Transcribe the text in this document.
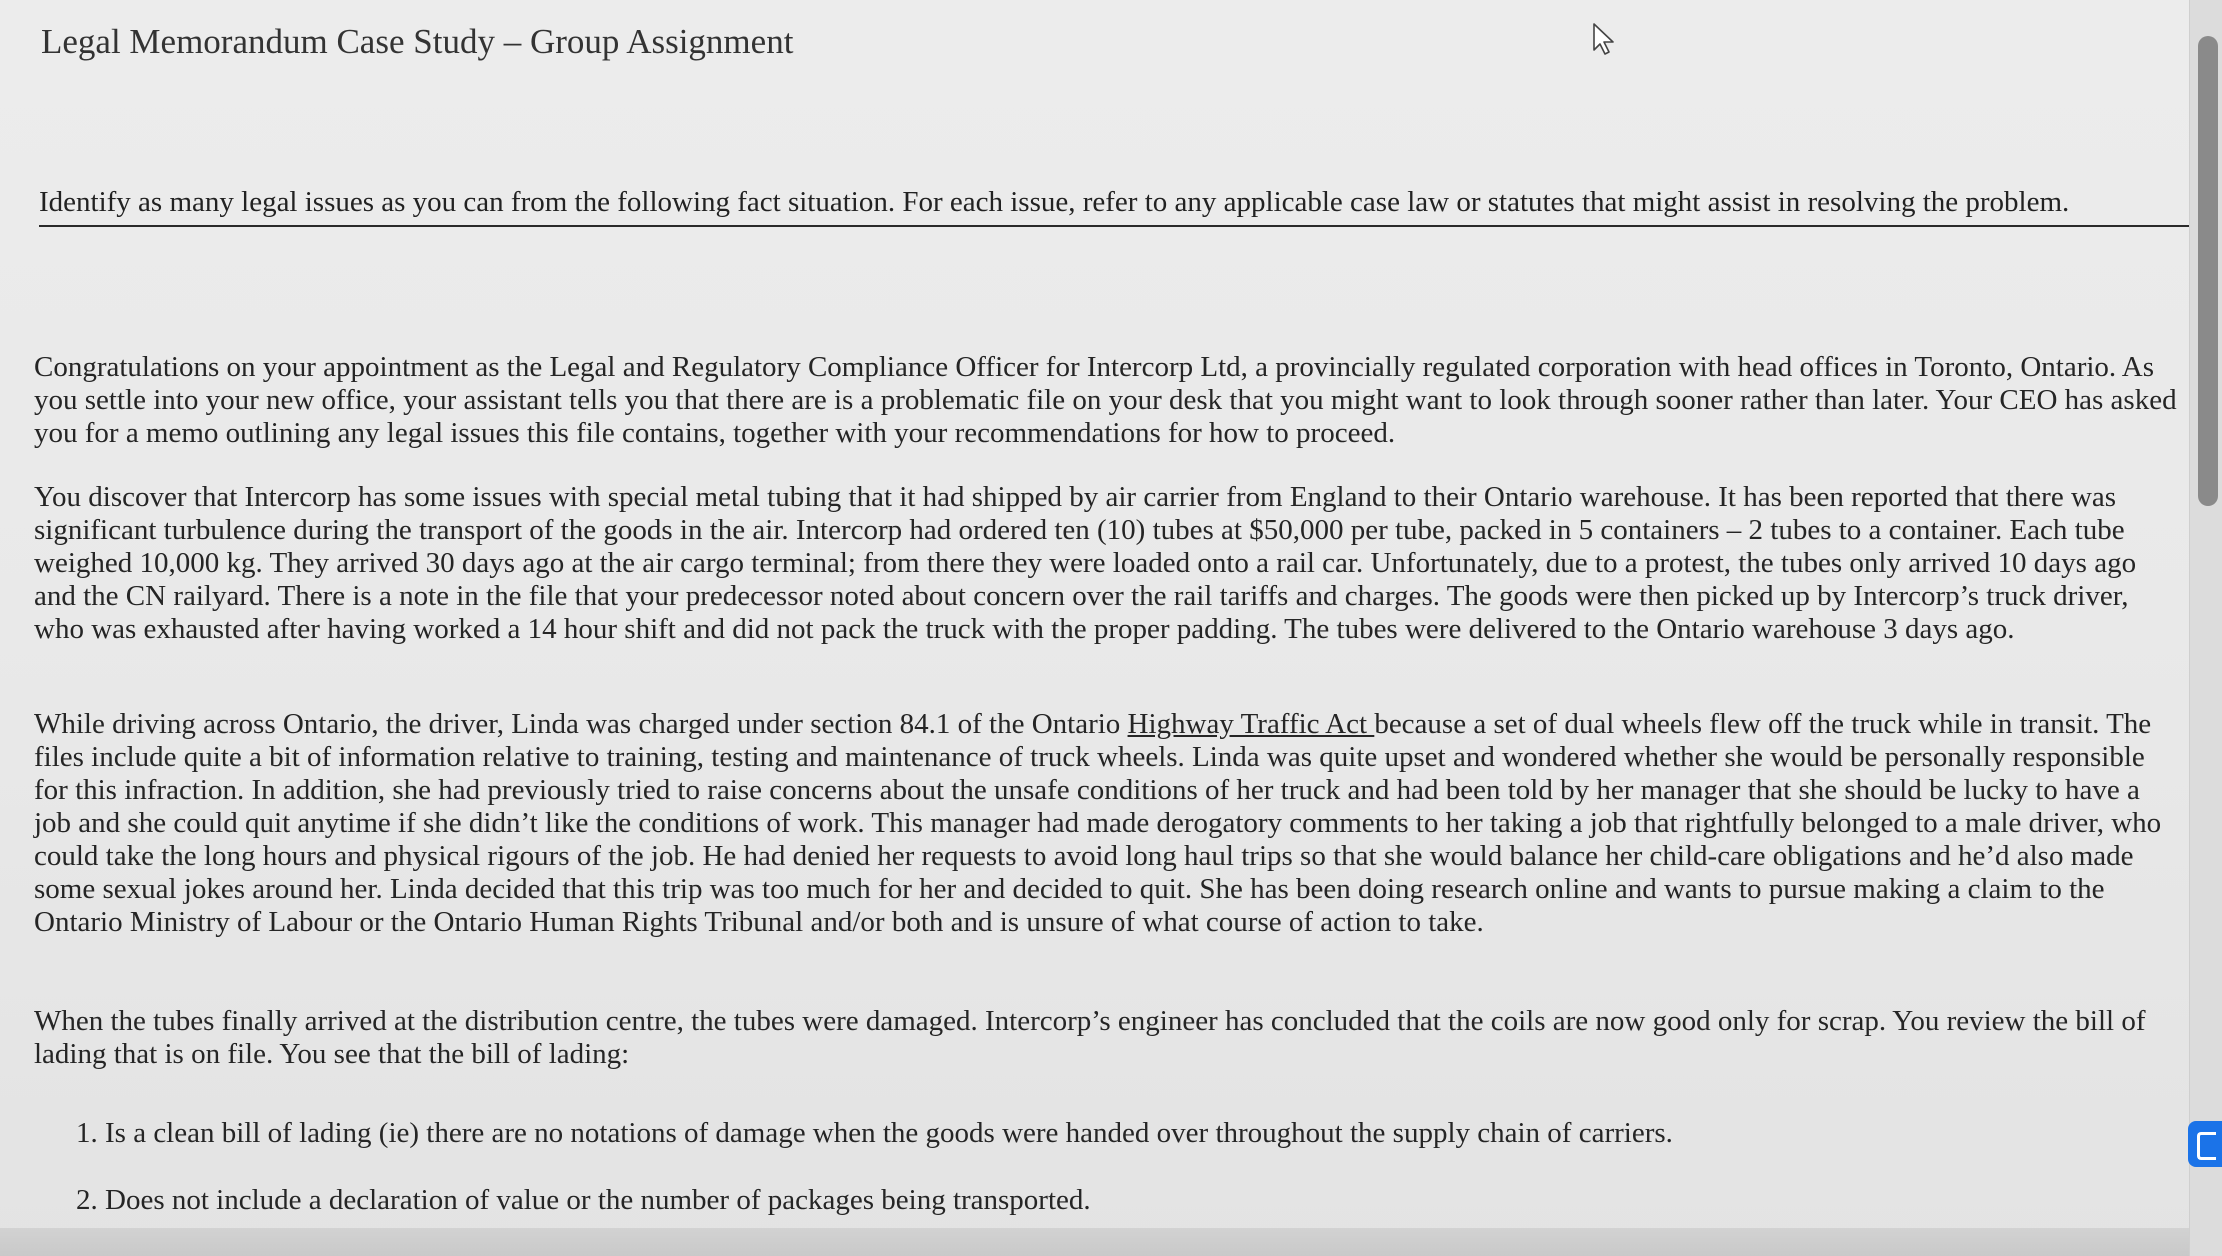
Legal Memorandum Case Study – Group Assignment
Identify as many legal issues as you can from the following fact situation. For each issue, refer to any applicable case law or statutes that might assist in resolving the problem.

Congratulations on your appointment as the Legal and Regulatory Compliance Officer for Intercorp Ltd, a provincially regulated corporation with head offices in Toronto, Ontario. As you settle into your new office, your assistant tells you that there are is a problematic file on your desk that you might want to look through sooner rather than later. Your CEO has asked you for a memo outlining any legal issues this file contains, together with your recommendations for how to proceed.

You discover that Intercorp has some issues with special metal tubing that it had shipped by air carrier from England to their Ontario warehouse. It has been reported that there was significant turbulence during the transport of the goods in the air. Intercorp had ordered ten (10) tubes at $50,000 per tube, packed in 5 containers – 2 tubes to a container. Each tube weighed 10,000 kg. They arrived 30 days ago at the air cargo terminal; from there they were loaded onto a rail car. Unfortunately, due to a protest, the tubes only arrived 10 days ago and the CN railyard. There is a note in the file that your predecessor noted about concern over the rail tariffs and charges. The goods were then picked up by Intercorp’s truck driver, who was exhausted after having worked a 14 hour shift and did not pack the truck with the proper padding. The tubes were delivered to the Ontario warehouse 3 days ago.

While driving across Ontario, the driver, Linda was charged under section 84.1 of the Ontario Highway Traffic Act because a set of dual wheels flew off the truck while in transit. The files include quite a bit of information relative to training, testing and maintenance of truck wheels. Linda was quite upset and wondered whether she would be personally responsible for this infraction. In addition, she had previously tried to raise concerns about the unsafe conditions of her truck and had been told by her manager that she should be lucky to have a job and she could quit anytime if she didn’t like the conditions of work. This manager had made derogatory comments to her taking a job that rightfully belonged to a male driver, who could take the long hours and physical rigours of the job. He had denied her requests to avoid long haul trips so that she would balance her child-care obligations and he’d also made some sexual jokes around her. Linda decided that this trip was too much for her and decided to quit. She has been doing research online and wants to pursue making a claim to the Ontario Ministry of Labour or the Ontario Human Rights Tribunal and/or both and is unsure of what course of action to take.

When the tubes finally arrived at the distribution centre, the tubes were damaged. Intercorp’s engineer has concluded that the coils are now good only for scrap. You review the bill of lading that is on file. You see that the bill of lading:

1. Is a clean bill of lading (ie) there are no notations of damage when the goods were handed over throughout the supply chain of carriers.

2. Does not include a declaration of value or the number of packages being transported.
